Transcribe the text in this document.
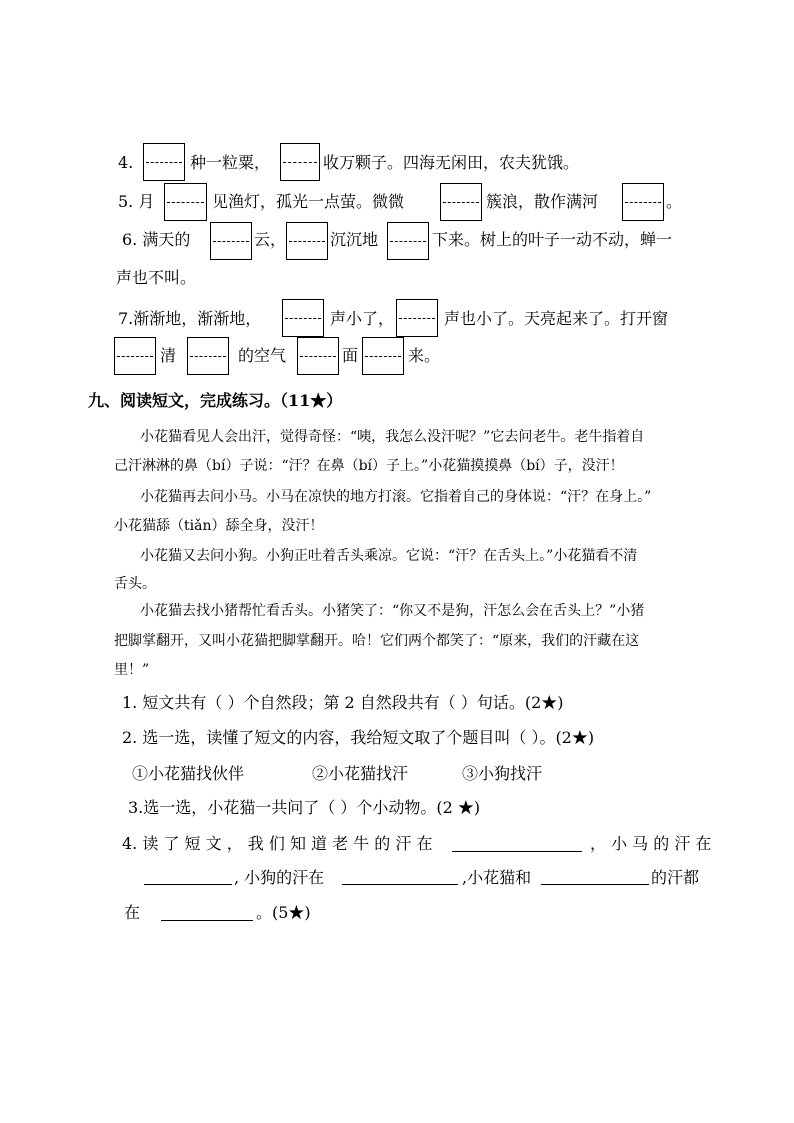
4.	种一粒粟，	收万颗子。四海无闲田，农夫犹饿。
5. 月	见渔灯，孤光一点萤。微微	簇浪，散作满河	。
6. 满天的	云，	沉沉地	下来。树上的叶子一动不动，蝉一
声也不叫。
7.渐渐地，渐渐地，	声小了，	声也小了。天亮起来了。打开窗
清	的空气	面	来。
九、阅读短文，完成练习。（11★）
小花猫看见人会出汗，觉得奇怪：“咦，我怎么没汗呢？”它去问老牛。老牛指着自
己汗淋淋的鼻（bí）子说：“汗？在鼻（bí）子上。”小花猫摸摸鼻（bí）子，没汗！
小花猫再去问小马。小马在凉快的地方打滚。它指着自己的身体说：“汗？在身上。”
小花猫舔（tiǎn）舔全身，没汗！
小花猫又去问小狗。小狗正吐着舌头乘凉。它说：“汗？在舌头上。”小花猫看不清
舌头。
小花猫去找小猪帮忙看舌头。小猪笑了：“你又不是狗，汗怎么会在舌头上？”小猪
把脚掌翻开，又叫小花猫把脚掌翻开。哈！它们两个都笑了：“原来，我们的汗藏在这
里！”
1. 短文共有（ ）个自然段；第 2 自然段共有（ ）句话。(2★)
2. 选一选，读懂了短文的内容，我给短文取了个题目叫（ ）。(2★)
①小花猫找伙伴	②小花猫找汗	③小狗找汗
3.选一选，小花猫一共问了（ ）个小动物。(2 ★)
4. 读 了 短 文 ， 我 们 知 道 老 牛 的 汗 在	， 小 马 的 汗 在
, 小狗的汗在	,小花猫和	的汗都
在	。(5★)
